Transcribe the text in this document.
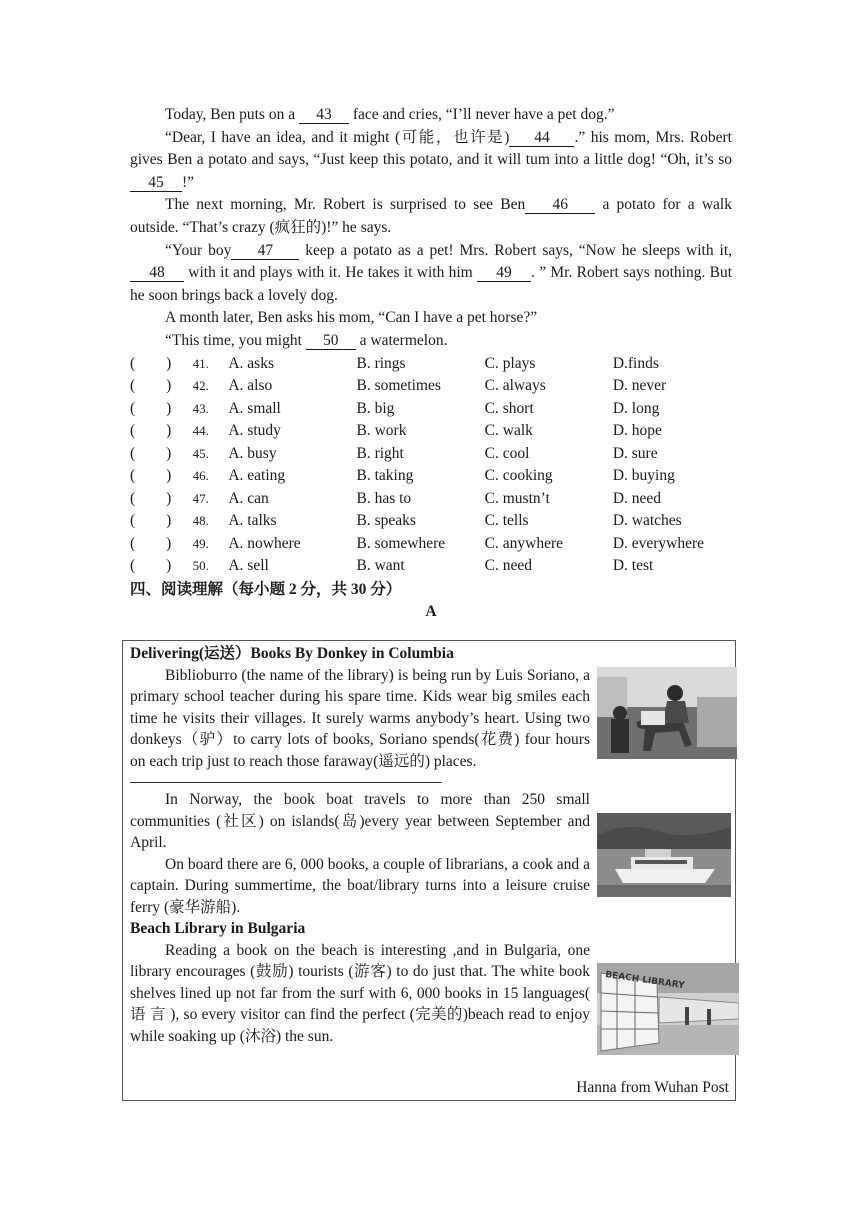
Today, Ben puts on a 43 face and cries, “I’ll never have a pet dog.”

“Dear, I have an idea, and it might (可能，也许是) 44 .” his mom, Mrs. Robert gives Ben a potato and says, “Just keep this potato, and it will tum into a little dog! “Oh, it’s so 45 !”

The next morning, Mr. Robert is surprised to see Ben 46 a potato for a walk outside. “That’s crazy (疯狂的)!” he says.

“Your boy 47 keep a potato as a pet! Mrs. Robert says, “Now he sleeps with it, 48 with it and plays with it. He takes it with him 49 . ” Mr. Robert says nothing. But he soon brings back a lovely dog.

A month later, Ben asks his mom, “Can I have a pet horse?”

“This time, you might 50 a watermelon.

(　　)	41.	A. asks	B. rings	C. plays	D.finds
(　　)	42.	A. also	B. sometimes	C. always	D. never
(　　)	43.	A. small	B. big	C. short	D. long
(　　)	44.	A. study	B. work	C. walk	D. hope
(　　)	45.	A. busy	B. right	C. cool	D. sure
(　　)	46.	A. eating	B. taking	C. cooking	D. buying
(　　)	47.	A. can	B. has to	C. mustn’t	D. need
(　　)	48.	A. talks	B. speaks	C. tells	D. watches
(　　)	49.	A. nowhere	B. somewhere	C. anywhere	D. everywhere
(　　)	50.	A. sell	B. want	C. need	D. test
四、阅读理解（每小题 2 分，共 30 分）
A
Delivering(运送）Books By Donkey in Columbia

Biblioburro (the name of the library) is being run by Luis Soriano, a primary school teacher during his spare time. Kids wear big smiles each time he visits their villages. It surely warms anybody’s heart. Using two donkeys（驴）to carry lots of books, Soriano spends(花费) four hours on each trip just to reach those faraway(遥远的) places.

In Norway, the book boat travels to more than 250 small communities (社区) on islands(岛)every year between September and April.

On board there are 6, 000 books, a couple of librarians, a cook and a captain. During summertime, the boat/library turns into a leisure cruise ferry (豪华游船).

Beach Library in Bulgaria

Reading a book on the beach is interesting ,and in Bulgaria, one library encourages (鼓励) tourists (游客) to do just that. The white book shelves lined up not far from the surf with 6, 000 books in 15 languages( 语 言 ), so every visitor can find the perfect (完美的)beach read to enjoy while soaking up (沐浴) the sun.

BEACH LIBRARY
Hanna from Wuhan Post
